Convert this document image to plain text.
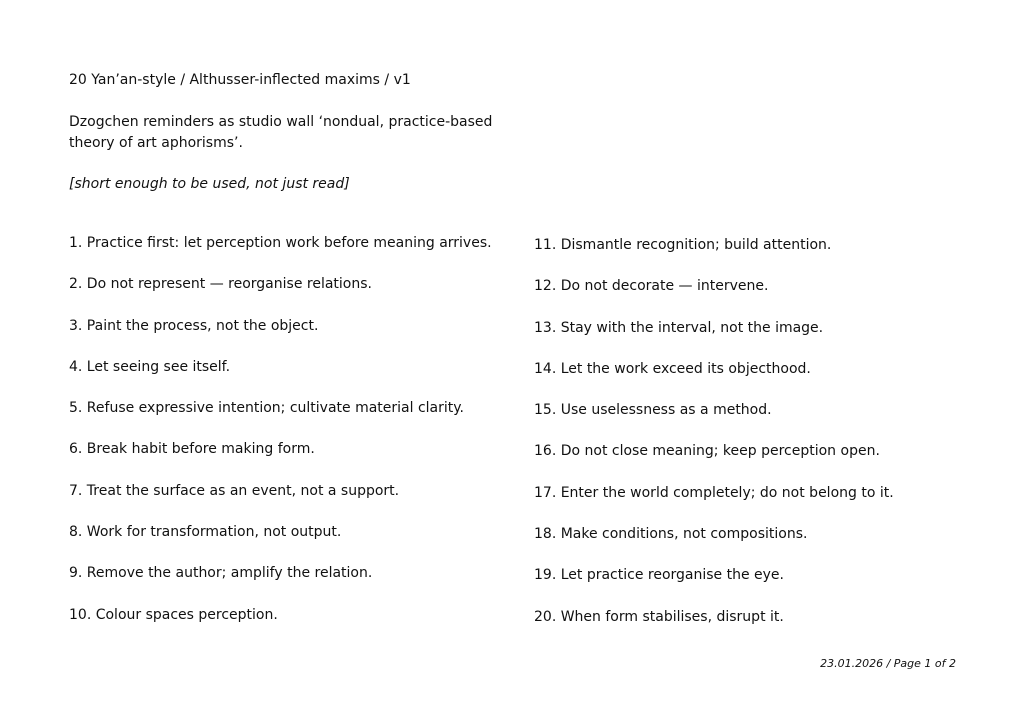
20 Yan’an-style / Althusser-inflected maxims / v1
Dzogchen reminders as studio wall ‘nondual, practice-based theory of art aphorisms’.
[short enough to be used, not just read]
1. Practice first: let perception work before meaning arrives.
2. Do not represent — reorganise relations.
3. Paint the process, not the object.
4. Let seeing see itself.
5. Refuse expressive intention; cultivate material clarity.
6. Break habit before making form.
7. Treat the surface as an event, not a support.
8. Work for transformation, not output.
9. Remove the author; amplify the relation.
10. Colour spaces perception.
11. Dismantle recognition; build attention.
12. Do not decorate — intervene.
13. Stay with the interval, not the image.
14. Let the work exceed its objecthood.
15. Use uselessness as a method.
16. Do not close meaning; keep perception open.
17. Enter the world completely; do not belong to it.
18. Make conditions, not compositions.
19. Let practice reorganise the eye.
20. When form stabilises, disrupt it.
23.01.2026 / Page 1 of 2
